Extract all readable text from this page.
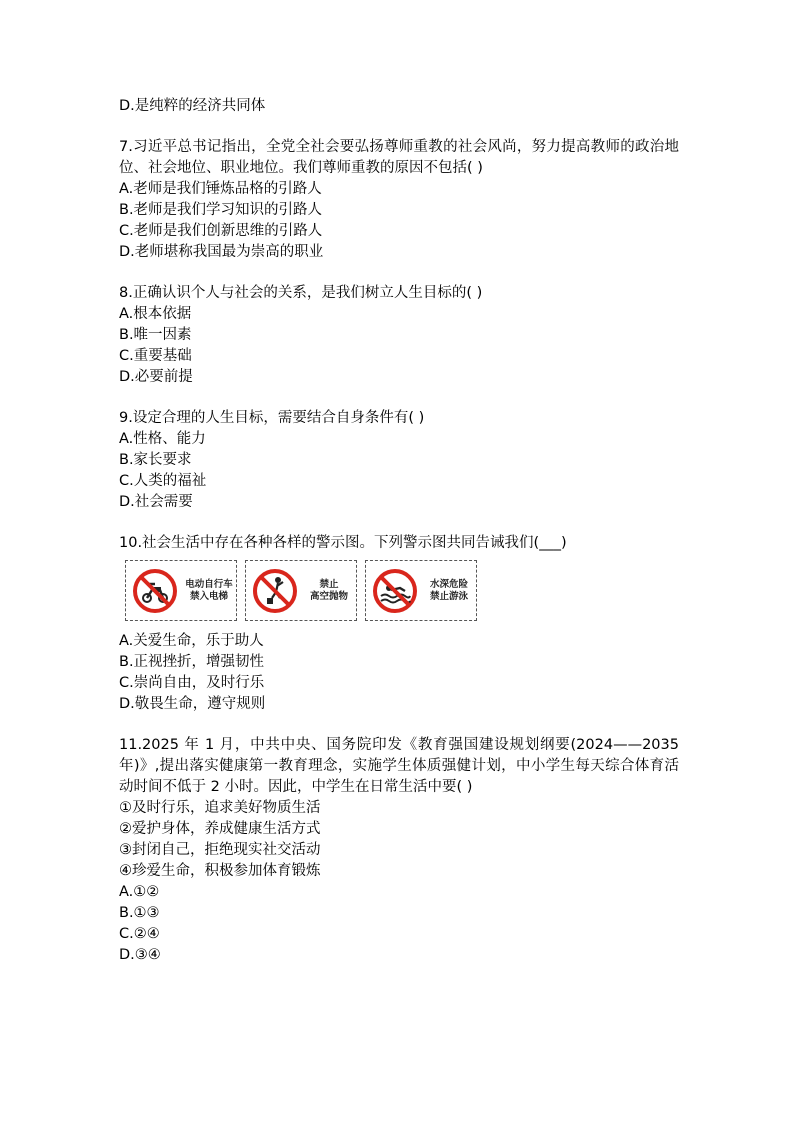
D.是纯粹的经济共同体
7.习近平总书记指出，全党全社会要弘扬尊师重教的社会风尚，努力提高教师的政治地位、社会地位、职业地位。我们尊师重教的原因不包括( )
A.老师是我们锤炼品格的引路人
B.老师是我们学习知识的引路人
C.老师是我们创新思维的引路人
D.老师堪称我国最为崇高的职业
8.正确认识个人与社会的关系，是我们树立人生目标的( )
A.根本依据
B.唯一因素
C.重要基础
D.必要前提
9.设定合理的人生目标，需要结合自身条件有( )
A.性格、能力
B.家长要求
C.人类的福祉
D.社会需要
10.社会生活中存在各种各样的警示图。下列警示图共同告诫我们(___)
电动自行车
禁入电梯
禁止
高空抛物
水深危险
禁止游泳
A.关爱生命，乐于助人
B.正视挫折，增强韧性
C.崇尚自由，及时行乐
D.敬畏生命，遵守规则
11.2025 年 1 月，中共中央、国务院印发《教育强国建设规划纲要(2024——2035 年)》,提出落实健康第一教育理念，实施学生体质强健计划，中小学生每天综合体育活动时间不低于 2 小时。因此，中学生在日常生活中要( )
①及时行乐，追求美好物质生活
②爱护身体，养成健康生活方式
③封闭自己，拒绝现实社交活动
④珍爱生命，积极参加体育锻炼
A.①②
B.①③
C.②④
D.③④
